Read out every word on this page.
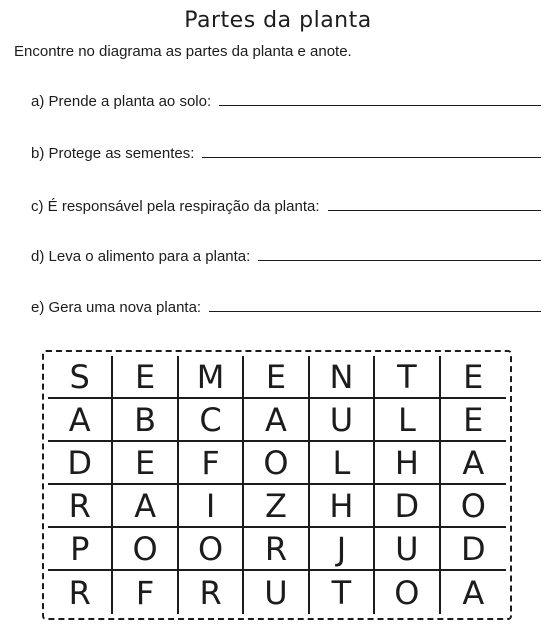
Partes da planta
Encontre no diagrama as partes da planta e anote.
a) Prende a planta ao solo:
b) Protege as sementes:
c) É responsável pela respiração da planta:
d) Leva o alimento para a planta:
e) Gera uma nova planta:
S	E	M	E	N	T	E
A	B	C	A	U	L	E
D	E	F	O	L	H	A
R	A	I	Z	H	D	O
P	O	O	R	J	U	D
R	F	R	U	T	O	A
